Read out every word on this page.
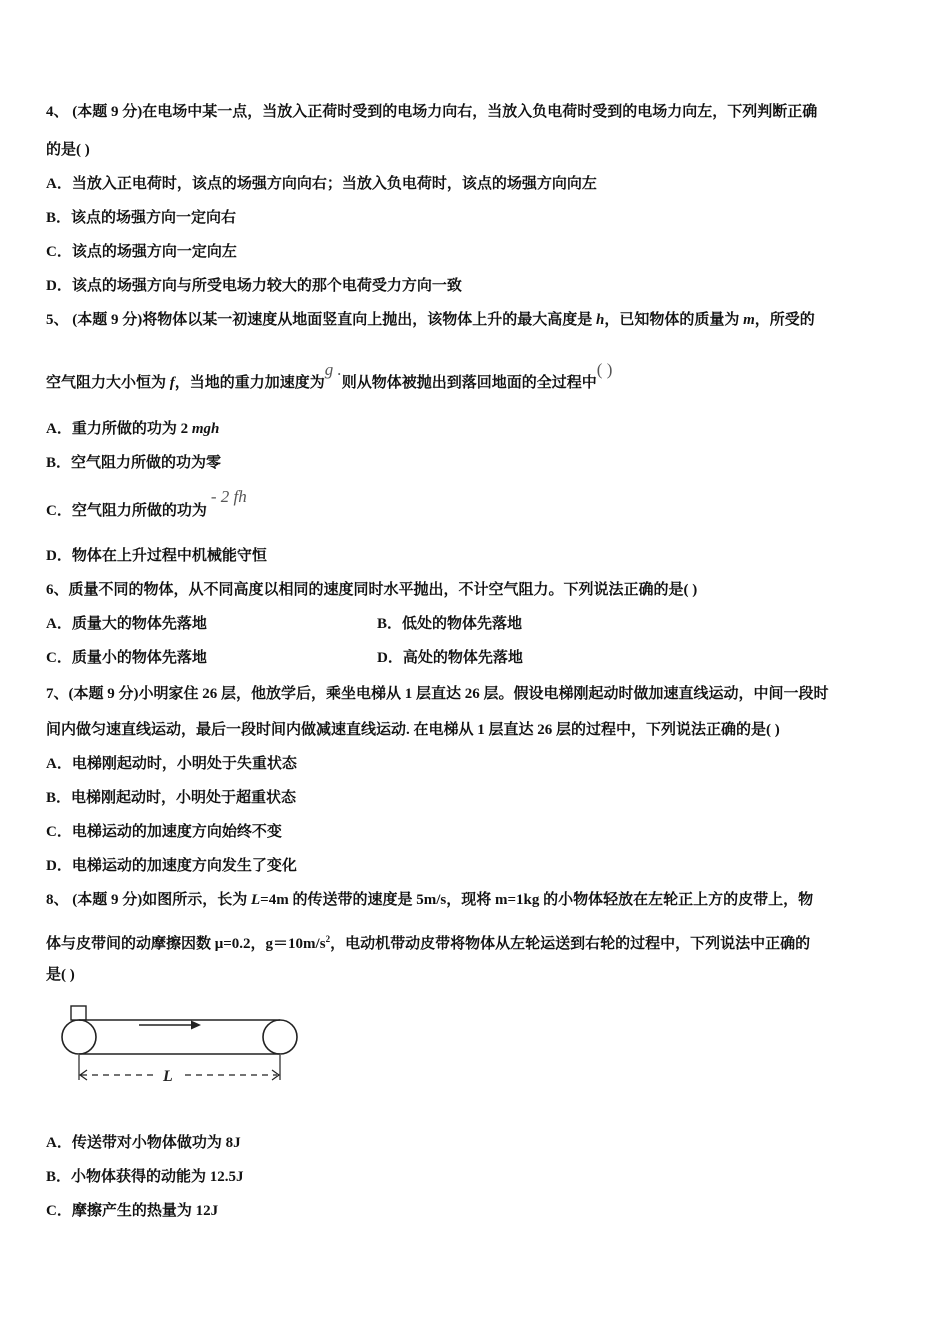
4、 (本题 9 分)在电场中某一点，当放入正荷时受到的电场力向右，当放入负电荷时受到的电场力向左，下列判断正确
的是( )
A．当放入正电荷时，该点的场强方向向右；当放入负电荷时，该点的场强方向向左
B．该点的场强方向一定向右
C．该点的场强方向一定向左
D．该点的场强方向与所受电场力较大的那个电荷受力方向一致
5、 (本题 9 分)将物体以某一初速度从地面竖直向上抛出，该物体上升的最大高度是 h，已知物体的质量为 m，所受的
空气阻力大小恒为 f，当地的重力加速度为g .则从物体被抛出到落回地面的全过程中( )
A．重力所做的功为 2 mgh
B．空气阻力所做的功为零
C．空气阻力所做的功为- 2 fh
D．物体在上升过程中机械能守恒
6、质量不同的物体，从不同高度以相同的速度同时水平抛出，不计空气阻力。下列说法正确的是( )
A．质量大的物体先落地	B．低处的物体先落地
C．质量小的物体先落地	D．高处的物体先落地
7、(本题 9 分)小明家住 26 层，他放学后，乘坐电梯从 1 层直达 26 层。假设电梯刚起动时做加速直线运动，中间一段时
间内做匀速直线运动，最后一段时间内做减速直线运动. 在电梯从 1 层直达 26 层的过程中，下列说法正确的是( )
A．电梯刚起动时，小明处于失重状态
B．电梯刚起动时，小明处于超重状态
C．电梯运动的加速度方向始终不变
D．电梯运动的加速度方向发生了变化
8、 (本题 9 分)如图所示，长为 L=4m 的传送带的速度是 5m/s，现将 m=1kg 的小物体轻放在左轮正上方的皮带上，物
体与皮带间的动摩擦因数 μ=0.2，$g=10m/s^2$，电动机带动皮带将物体从左轮运送到右轮的过程中，下列说法中正确的
是( )
L
A．传送带对小物体做功为 8J
B．小物体获得的动能为 12.5J
C．摩擦产生的热量为 12J
